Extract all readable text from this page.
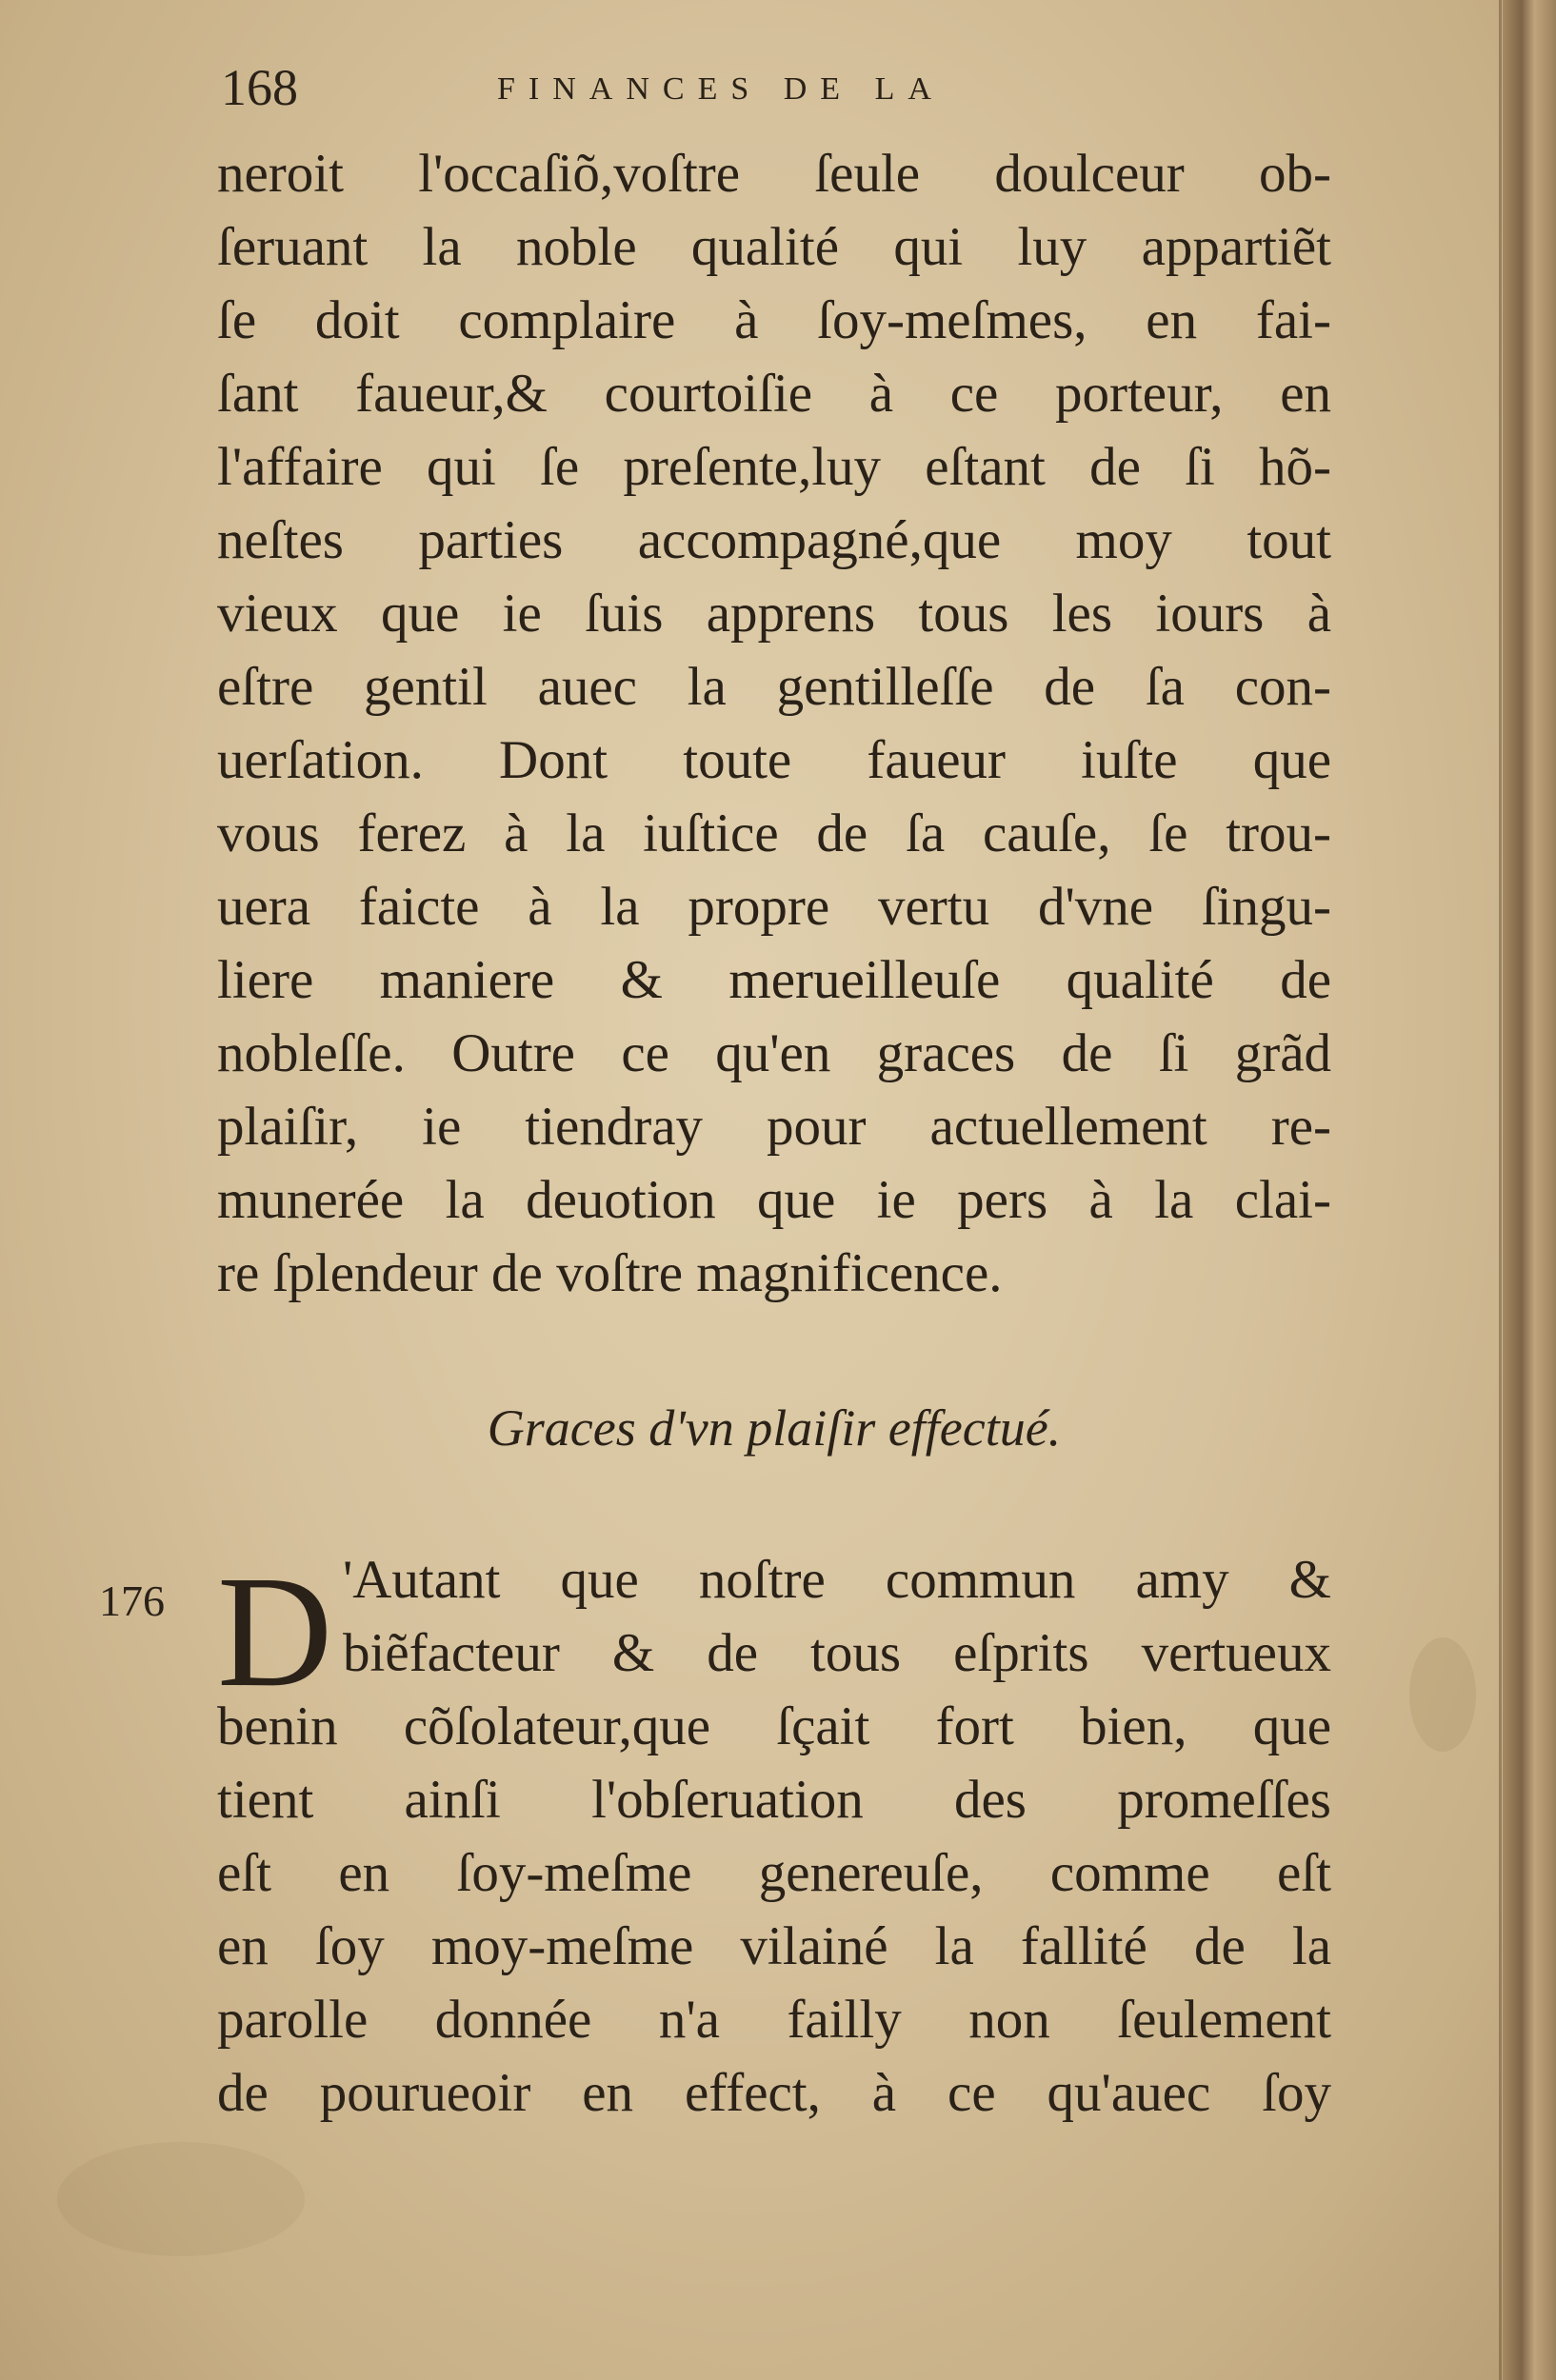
168	FINANCES DE LA
neroit l'occaſiõ,voſtre ſeule doulceur ob-
ſeruant la noble qualité qui luy appartiẽt
ſe doit complaire à ſoy-meſmes, en fai-
ſant faueur,& courtoiſie à ce porteur, en
l'affaire qui ſe preſente,luy eſtant de ſi hõ-
neſtes parties accompagné,que moy tout
vieux que ie ſuis apprens tous les iours à
eſtre gentil auec la gentilleſſe de ſa con-
uerſation. Dont toute faueur iuſte que
vous ferez à la iuſtice de ſa cauſe, ſe trou-
uera faicte à la propre vertu d'vne ſingu-
liere maniere & merueilleuſe qualité de
nobleſſe. Outre ce qu'en graces de ſi grãd
plaiſir, ie tiendray pour actuellement re-
munerée la deuotion que ie pers à la clai-
re ſplendeur de voſtre magnificence.
Graces d'vn plaiſir effectué.
176 D 'Autant que noſtre commun amy &
biẽfacteur & de tous eſprits vertueux
benin cõſolateur,que ſçait fort bien, que
tient ainſi l'obſeruation des promeſſes
eſt en ſoy-meſme genereuſe, comme eſt
en ſoy moy-meſme vilainé la fallité de la
parolle donnée n'a failly non ſeulement
de pourueoir en effect, à ce qu'auec ſoy
